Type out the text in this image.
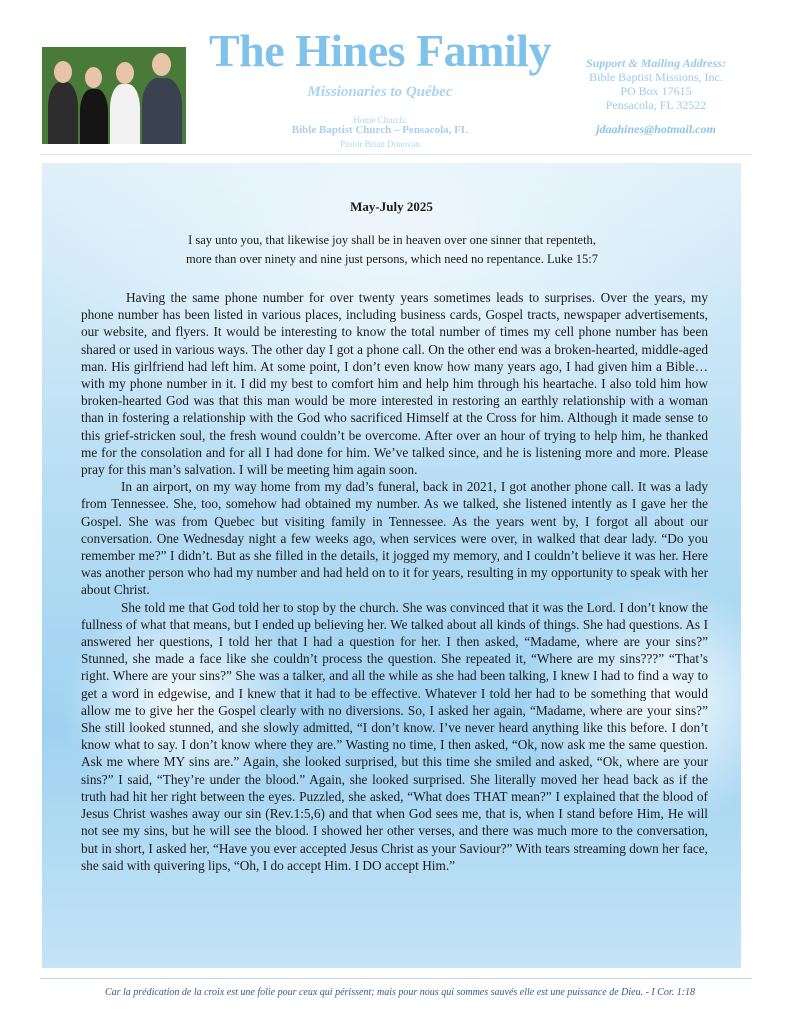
The Hines Family
Missionaries to Québec
Home Church:
Bible Baptist Church – Pensacola, FL
Pastor Brian Donovan
Support & Mailing Address:
Bible Baptist Missions, Inc.
PO Box 17615
Pensacola, FL 32522
jdaahines@hotmail.com
May-July 2025
I say unto you, that likewise joy shall be in heaven over one sinner that repenteth,
more than over ninety and nine just persons, which need no repentance. Luke 15:7

Having the same phone number for over twenty years sometimes leads to surprises. Over the years, my phone number has been listed in various places, including business cards, Gospel tracts, newspaper advertisements, our website, and flyers. It would be interesting to know the total number of times my cell phone number has been shared or used in various ways. The other day I got a phone call. On the other end was a broken-hearted, middle-aged man. His girlfriend had left him. At some point, I don’t even know how many years ago, I had given him a Bible… with my phone number in it. I did my best to comfort him and help him through his heartache. I also told him how broken-hearted God was that this man would be more interested in restoring an earthly relationship with a woman than in fostering a relationship with the God who sacrificed Himself at the Cross for him. Although it made sense to this grief-stricken soul, the fresh wound couldn’t be overcome. After over an hour of trying to help him, he thanked me for the consolation and for all I had done for him. We’ve talked since, and he is listening more and more. Please pray for this man’s salvation. I will be meeting him again soon.

In an airport, on my way home from my dad’s funeral, back in 2021, I got another phone call. It was a lady from Tennessee. She, too, somehow had obtained my number. As we talked, she listened intently as I gave her the Gospel. She was from Quebec but visiting family in Tennessee. As the years went by, I forgot all about our conversation. One Wednesday night a few weeks ago, when services were over, in walked that dear lady. “Do you remember me?” I didn’t. But as she filled in the details, it jogged my memory, and I couldn’t believe it was her. Here was another person who had my number and had held on to it for years, resulting in my opportunity to speak with her about Christ.

She told me that God told her to stop by the church. She was convinced that it was the Lord. I don’t know the fullness of what that means, but I ended up believing her. We talked about all kinds of things. She had questions. As I answered her questions, I told her that I had a question for her. I then asked, “Madame, where are your sins?” Stunned, she made a face like she couldn’t process the question. She repeated it, “Where are my sins???” “That’s right. Where are your sins?” She was a talker, and all the while as she had been talking, I knew I had to find a way to get a word in edgewise, and I knew that it had to be effective. Whatever I told her had to be something that would allow me to give her the Gospel clearly with no diversions. So, I asked her again, “Madame, where are your sins?” She still looked stunned, and she slowly admitted, “I don’t know. I’ve never heard anything like this before. I don’t know what to say. I don’t know where they are.” Wasting no time, I then asked, “Ok, now ask me the same question. Ask me where MY sins are.” Again, she looked surprised, but this time she smiled and asked, “Ok, where are your sins?” I said, “They’re under the blood.” Again, she looked surprised. She literally moved her head back as if the truth had hit her right between the eyes. Puzzled, she asked, “What does THAT mean?” I explained that the blood of Jesus Christ washes away our sin (Rev.1:5,6) and that when God sees me, that is, when I stand before Him, He will not see my sins, but he will see the blood. I showed her other verses, and there was much more to the conversation, but in short, I asked her, “Have you ever accepted Jesus Christ as your Saviour?” With tears streaming down her face, she said with quivering lips, “Oh, I do accept Him. I DO accept Him.”

Car la prédication de la croix est une folie pour ceux qui périssent; mais pour nous qui sommes sauvés elle est une puissance de Dieu. - I Cor. 1:18
